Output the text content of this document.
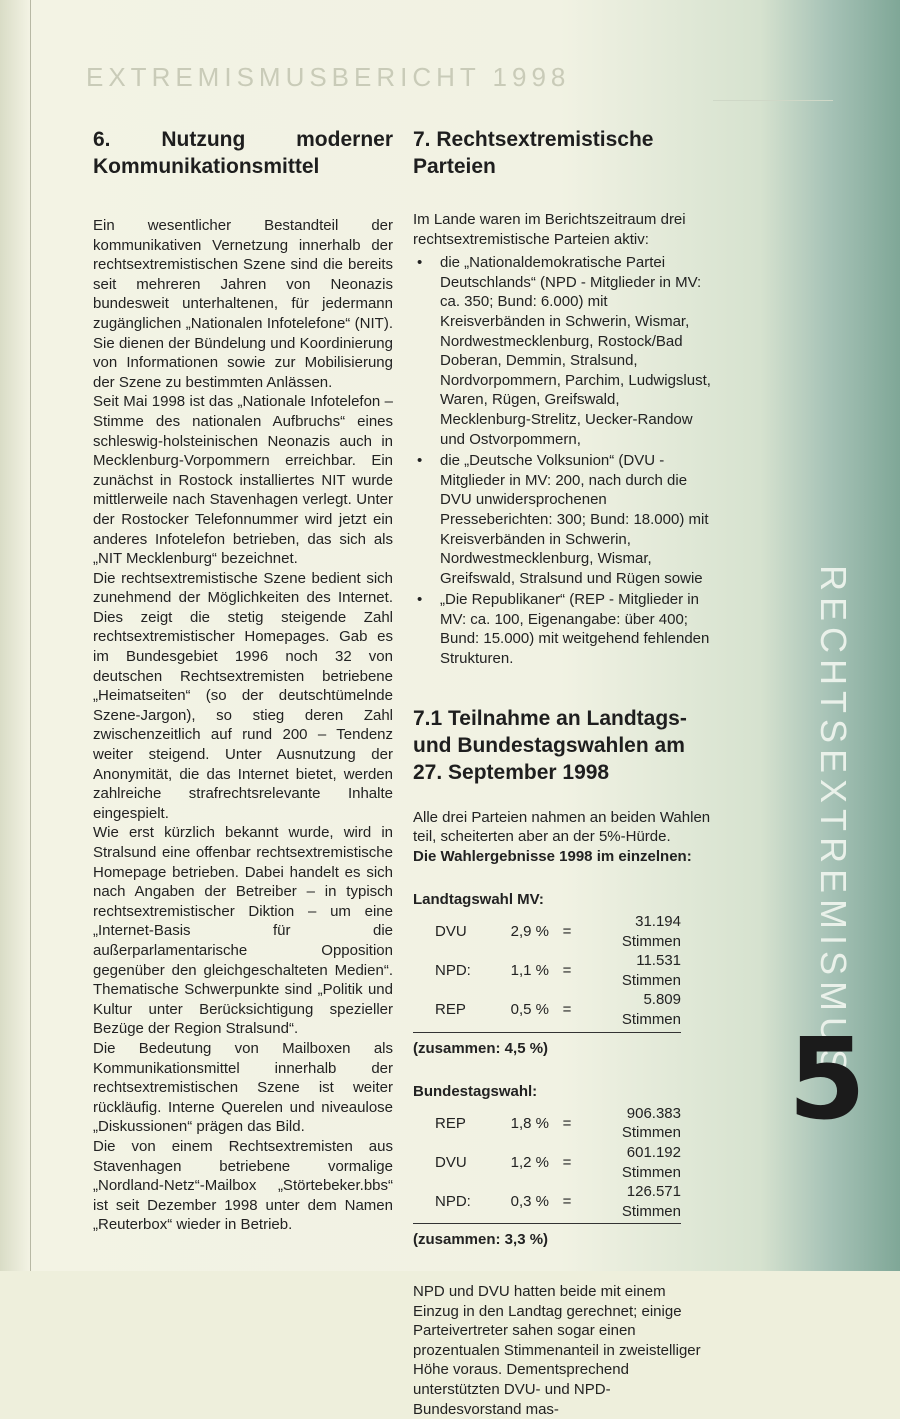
EXTREMISMUSBERICHT 1998
6. Nutzung moderner Kommunikationsmittel

Ein wesentlicher Bestandteil der kommunikativen Vernetzung innerhalb der rechtsextremistischen Szene sind die bereits seit mehreren Jahren von Neonazis bundesweit unterhaltenen, für jedermann zugänglichen „Nationalen Infotelefone“ (NIT). Sie dienen der Bündelung und Koordinierung von Informationen sowie zur Mobilisierung der Szene zu bestimmten Anlässen.

Seit Mai 1998 ist das „Nationale Infotelefon – Stimme des nationalen Aufbruchs“ eines schleswig-holsteinischen Neonazis auch in Mecklenburg-Vorpommern erreichbar. Ein zunächst in Rostock installiertes NIT wurde mittlerweile nach Stavenhagen verlegt. Unter der Rostocker Telefonnummer wird jetzt ein anderes Infotelefon betrieben, das sich als „NIT Mecklenburg“ bezeichnet.

Die rechtsextremistische Szene bedient sich zunehmend der Möglichkeiten des Internet. Dies zeigt die stetig steigende Zahl rechtsextremistischer Homepages. Gab es im Bundesgebiet 1996 noch 32 von deutschen Rechtsextremisten betriebene „Heimatseiten“ (so der deutschtümelnde Szene-Jargon), so stieg deren Zahl zwischenzeitlich auf rund 200 – Tendenz weiter steigend. Unter Ausnutzung der Anonymität, die das Internet bietet, werden zahlreiche strafrechtsrelevante Inhalte eingespielt.

Wie erst kürzlich bekannt wurde, wird in Stralsund eine offenbar rechtsextremistische Homepage betrieben. Dabei handelt es sich nach Angaben der Betreiber – in typisch rechtsextremistischer Diktion – um eine „Internet-Basis für die außerparlamentarische Opposition gegenüber den gleichgeschalteten Medien“. Thematische Schwerpunkte sind „Politik und Kultur unter Berücksichtigung spezieller Bezüge der Region Stralsund“.

Die Bedeutung von Mailboxen als Kommunikationsmittel innerhalb der rechtsextremistischen Szene ist weiter rückläufig. Interne Querelen und niveaulose „Diskussionen“ prägen das Bild.

Die von einem Rechtsextremisten aus Stavenhagen betriebene vormalige „Nordland-Netz“-Mailbox „Störtebeker.bbs“ ist seit Dezember 1998 unter dem Namen „Reuterbox“ wieder in Betrieb.

7. Rechtsextremistische Parteien

Im Lande waren im Berichtszeitraum drei rechtsextremistische Parteien aktiv:

• die „Nationaldemokratische Partei Deutschlands“ (NPD - Mitglieder in MV: ca. 350; Bund: 6.000) mit Kreisverbänden in Schwerin, Wismar, Nordwestmecklenburg, Rostock/Bad Doberan, Demmin, Stralsund, Nordvorpommern, Parchim, Ludwigslust, Waren, Rügen, Greifswald, Mecklenburg-Strelitz, Uecker-Randow und Ostvorpommern,
• die „Deutsche Volksunion“ (DVU - Mitglieder in MV: 200, nach durch die DVU unwidersprochenen Presseberichten: 300; Bund: 18.000) mit Kreisverbänden in Schwerin, Nordwestmecklenburg, Wismar, Greifswald, Stralsund und Rügen sowie
• „Die Republikaner“ (REP - Mitglieder in MV: ca. 100, Eigenangabe: über 400; Bund: 15.000) mit weitgehend fehlenden Strukturen.
7.1 Teilnahme an Landtags- und Bundestagswahlen am 27. September 1998

Alle drei Parteien nahmen an beiden Wahlen teil, scheiterten aber an der 5%-Hürde.

Die Wahlergebnisse 1998 im einzelnen:

Landtagswahl MV:
DVU	2,9 %	=	31.194 Stimmen
NPD:	1,1 %	=	11.531 Stimmen
REP	0,5 %	=	5.809 Stimmen
(zusammen: 4,5 %)
Bundestagswahl:
REP	1,8 %	=	906.383 Stimmen
DVU	1,2 %	=	601.192 Stimmen
NPD:	0,3 %	=	126.571 Stimmen
(zusammen: 3,3 %)

NPD und DVU hatten beide mit einem Einzug in den Landtag gerechnet; einige Parteivertreter sahen sogar einen prozentualen Stimmenanteil in zweistelliger Höhe voraus. Dementsprechend unterstützten DVU- und NPD-Bundesvorstand mas-

RECHTSEXTREMISMUS
5
